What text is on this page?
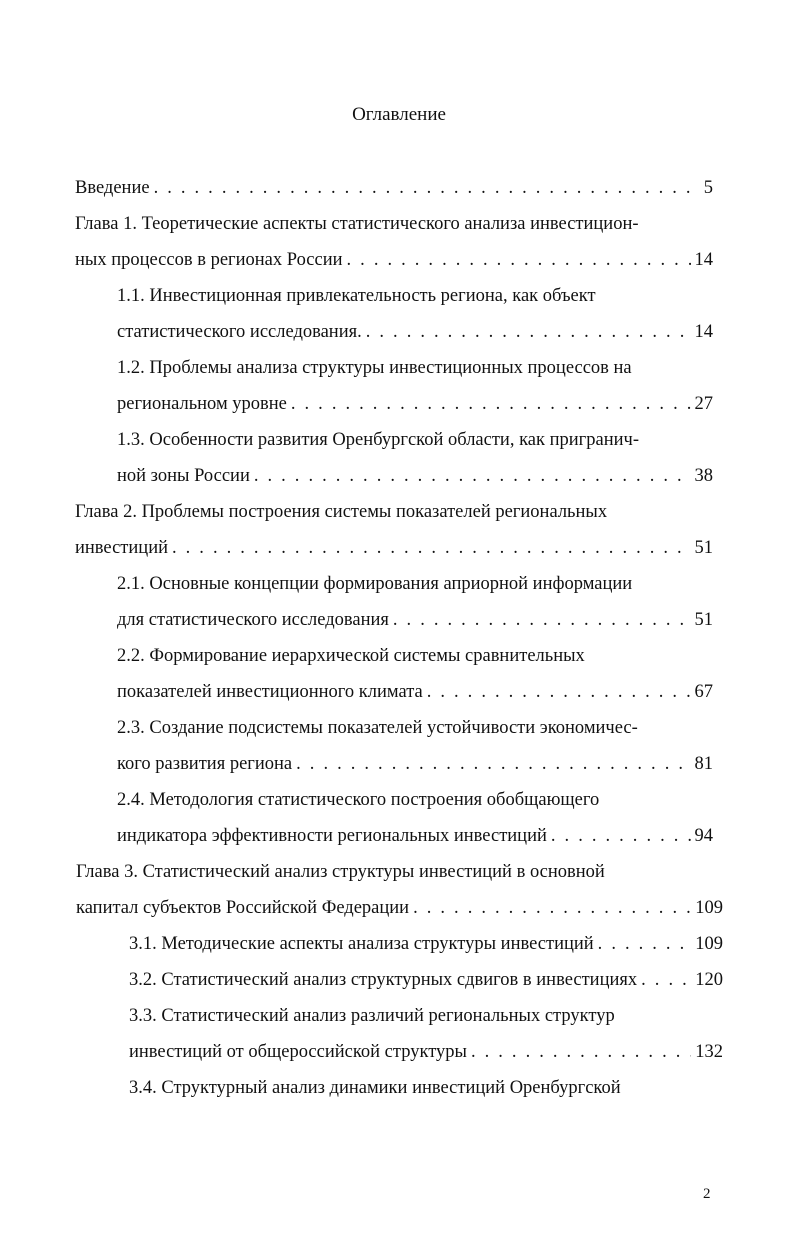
Оглавление
Введение . . .	5
Глава 1. Теоретические аспекты статистического анализа инвестицион-
ных процессов в регионах России . . .	14
1.1. Инвестиционная привлекательность региона, как объект
статистического исследования. . . .	14
1.2. Проблемы анализа структуры инвестиционных процессов на
региональном уровне . . .	27
1.3. Особенности развития Оренбургской области, как пригранич-
ной зоны России . . .	38
Глава 2. Проблемы построения системы показателей региональных
инвестиций . . .	51
2.1. Основные концепции формирования априорной информации
для статистического исследования . . .	51
2.2. Формирование иерархической системы сравнительных
показателей инвестиционного климата . . .	67
2.3. Создание подсистемы показателей устойчивости экономичес-
кого развития региона . . .	81
2.4. Методология статистического построения обобщающего
индикатора эффективности региональных инвестиций . . .	94
Глава 3. Статистический анализ структуры инвестиций в основной
капитал субъектов Российской Федерации . . .	109
3.1. Методические аспекты анализа структуры инвестиций . . .	109
3.2. Статистический анализ структурных сдвигов в инвестициях . . .	120
3.3. Статистический анализ различий региональных структур
инвестиций от общероссийской структуры . . .	132
3.4. Структурный анализ динамики инвестиций Оренбургской
2
